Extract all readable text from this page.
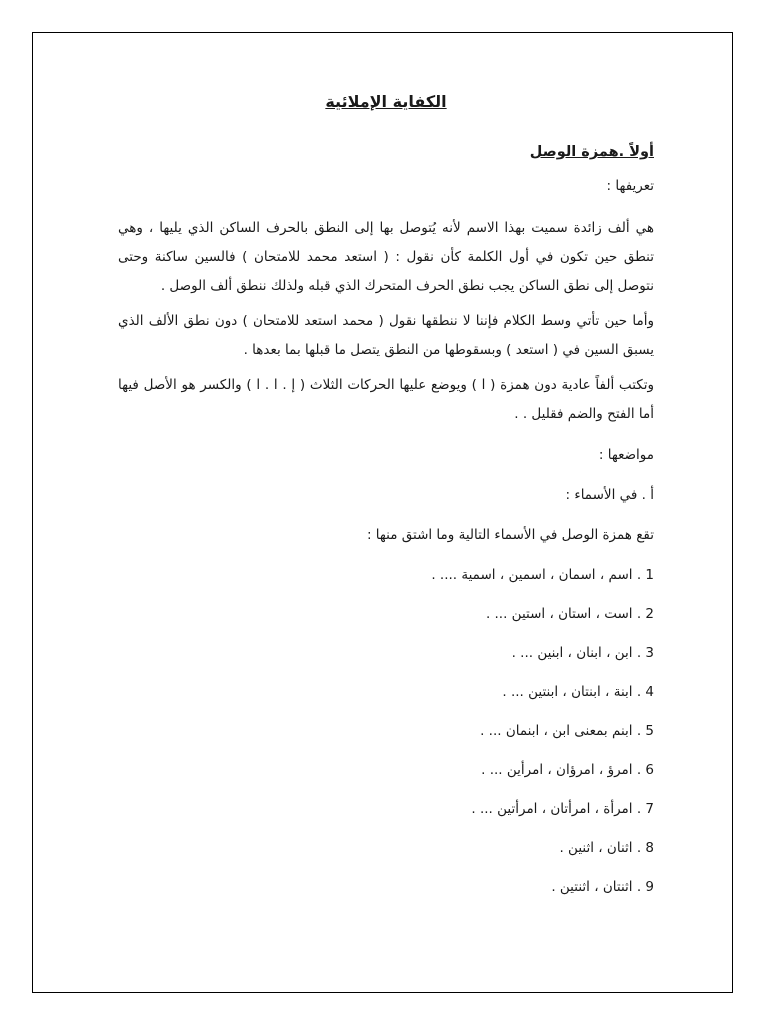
الكفاية الإملائية
أولاً .همزة الوصل
تعريفها :

هي ألف زائدة سميت بهذا الاسم لأنه يُتوصل بها إلى النطق بالحرف الساكن الذي يليها ، وهي تنطق حين تكون في أول الكلمة كأن نقول : ( استعد محمد للامتحان ) فالسين ساكنة وحتى نتوصل إلى نطق الساكن يجب نطق الحرف المتحرك الذي قبله ولذلك ننطق ألف الوصل .

وأما حين تأتي وسط الكلام فإننا لا ننطقها نقول ( محمد استعد للامتحان ) دون نطق الألف الذي يسبق السين في ( استعد ) وبسقوطها من النطق يتصل ما قبلها بما بعدها .

وتكتب ألفاً عادية دون همزة ( ا ) ويوضع عليها الحركات الثلاث ( إ . ا . ا ) والكسر هو الأصل فيها أما الفتح والضم فقليل . .

مواضعها :
أ . في الأسماء :
تقع همزة الوصل في الأسماء التالية وما اشتق منها :
1 . اسم ، اسمان ، اسمين ، اسمية .... .
2 . است ، استان ، استين ... .
3 . ابن ، ابنان ، ابنين ... .
4 . ابنة ، ابنتان ، ابنتين ... .
5 . ابنم بمعنى ابن ، ابنمان ... .
6 . امرؤ ، امرؤان ، امرأين ... .
7 . امرأة ، امرأتان ، امرأتين ... .
8 . اثنان ، اثنين .
9 . اثنتان ، اثنتين .
